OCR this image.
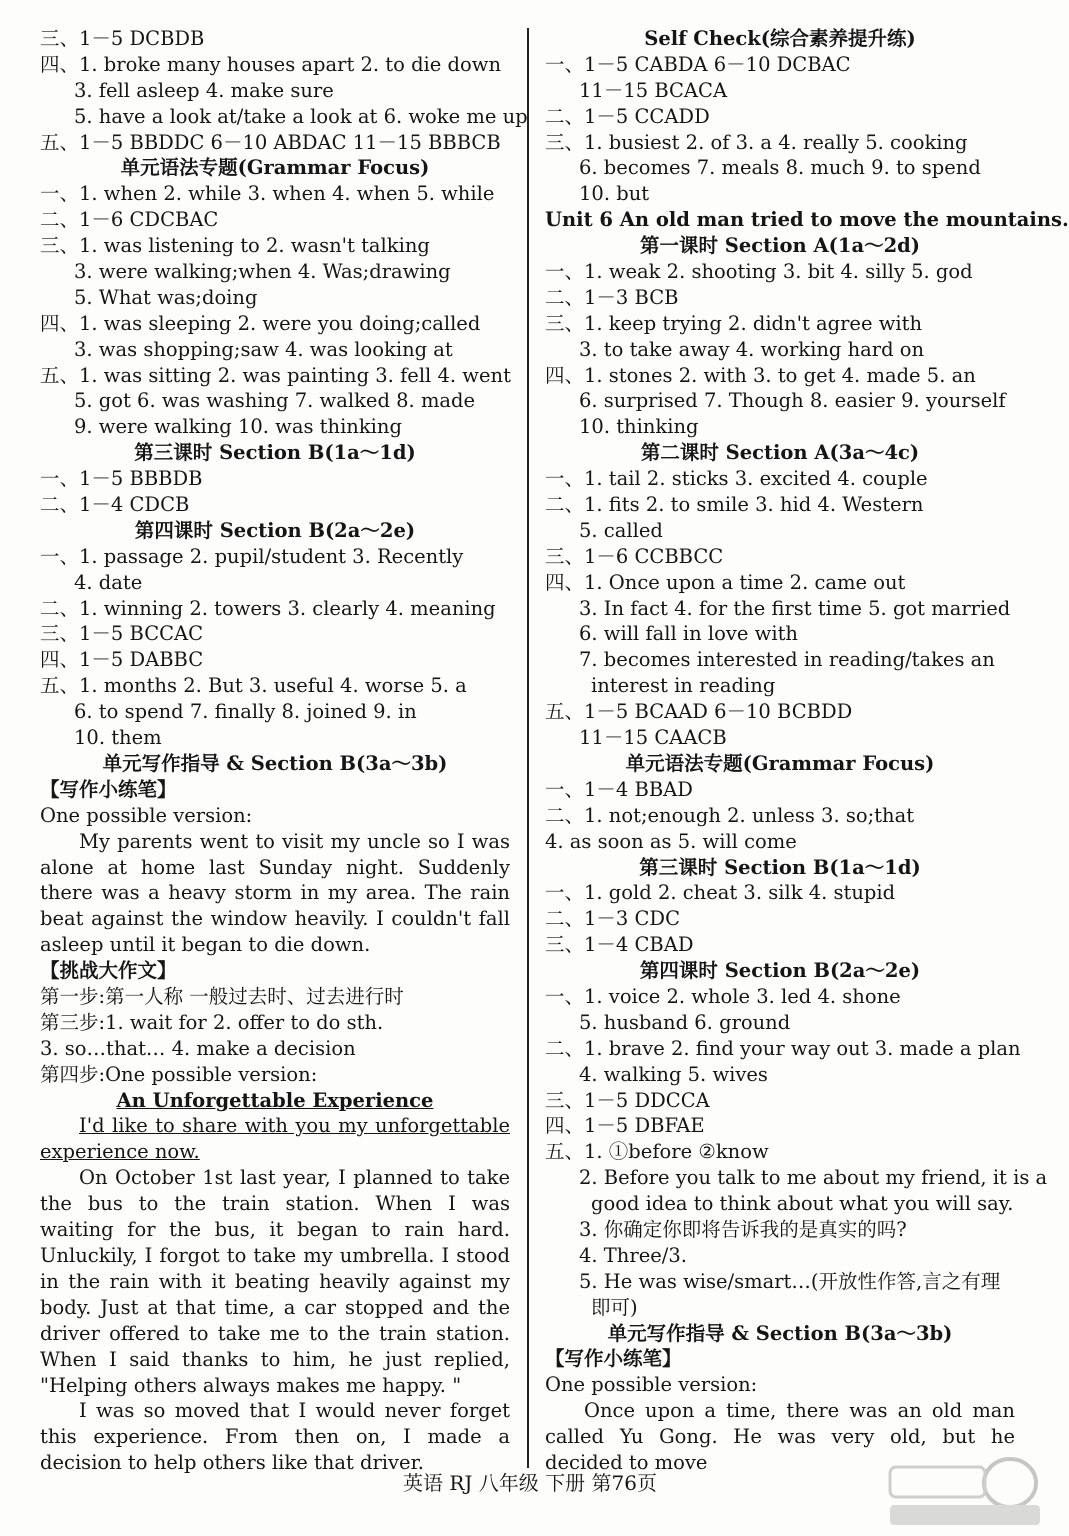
三、1－5 DCBDB
四、1. broke many houses apart 2. to die down
3. fell asleep 4. make sure
5. have a look at/take a look at 6. woke me up
五、1－5 BBDDC 6－10 ABDAC 11－15 BBBCB
单元语法专题(Grammar Focus)
一、1. when 2. while 3. when 4. when 5. while
二、1－6 CDCBAC
三、1. was listening to 2. wasn't talking
3. were walking;when 4. Was;drawing
5. What was;doing
四、1. was sleeping 2. were you doing;called
3. was shopping;saw 4. was looking at
五、1. was sitting 2. was painting 3. fell 4. went
5. got 6. was washing 7. walked 8. made
9. were walking 10. was thinking
第三课时 Section B(1a～1d)
一、1－5 BBBDB
二、1－4 CDCB
第四课时 Section B(2a～2e)
一、1. passage 2. pupil/student 3. Recently
4. date
二、1. winning 2. towers 3. clearly 4. meaning
三、1－5 BCCAC
四、1－5 DABBC
五、1. months 2. But 3. useful 4. worse 5. a
6. to spend 7. finally 8. joined 9. in
10. them
单元写作指导 & Section B(3a～3b)
【写作小练笔】
One possible version:

My parents went to visit my uncle so I was alone at home last Sunday night. Suddenly there was a heavy storm in my area. The rain beat against the window heavily. I couldn't fall asleep until it began to die down.

【挑战大作文】
第一步:第一人称 一般过去时、过去进行时
第三步:1. wait for 2. offer to do sth.
3. so…that… 4. make a decision
第四步:One possible version:
An Unforgettable Experience

I'd like to share with you my unforgettable experience now.

On October 1st last year, I planned to take the bus to the train station. When I was waiting for the bus, it began to rain hard. Unluckily, I forgot to take my umbrella. I stood in the rain with it beating heavily against my body. Just at that time, a car stopped and the driver offered to take me to the train station. When I said thanks to him, he just replied, "Helping others always makes me happy. "

I was so moved that I would never forget this experience. From then on, I made a decision to help others like that driver.

Self Check(综合素养提升练)
一、1－5 CABDA 6－10 DCBAC
11－15 BCACA
二、1－5 CCADD
三、1. busiest 2. of 3. a 4. really 5. cooking
6. becomes 7. meals 8. much 9. to spend
10. but
Unit 6 An old man tried to move the mountains.
第一课时 Section A(1a～2d)
一、1. weak 2. shooting 3. bit 4. silly 5. god
二、1－3 BCB
三、1. keep trying 2. didn't agree with
3. to take away 4. working hard on
四、1. stones 2. with 3. to get 4. made 5. an
6. surprised 7. Though 8. easier 9. yourself
10. thinking
第二课时 Section A(3a～4c)
一、1. tail 2. sticks 3. excited 4. couple
二、1. fits 2. to smile 3. hid 4. Western
5. called
三、1－6 CCBBCC
四、1. Once upon a time 2. came out
3. In fact 4. for the first time 5. got married
6. will fall in love with
7. becomes interested in reading/takes an
interest in reading
五、1－5 BCAAD 6－10 BCBDD
11－15 CAACB
单元语法专题(Grammar Focus)
一、1－4 BBAD
二、1. not;enough 2. unless 3. so;that
4. as soon as 5. will come
第三课时 Section B(1a～1d)
一、1. gold 2. cheat 3. silk 4. stupid
二、1－3 CDC
三、1－4 CBAD
第四课时 Section B(2a～2e)
一、1. voice 2. whole 3. led 4. shone
5. husband 6. ground
二、1. brave 2. find your way out 3. made a plan
4. walking 5. wives
三、1－5 DDCCA
四、1－5 DBFAE
五、1. ①before ②know
2. Before you talk to me about my friend, it is a
good idea to think about what you will say.
3. 你确定你即将告诉我的是真实的吗?
4. Three/3.
5. He was wise/smart…(开放性作答,言之有理
即可)
单元写作指导 & Section B(3a～3b)
【写作小练笔】
One possible version:

Once upon a time, there was an old man called Yu Gong. He was very old, but he decided to move

英语 RJ 八年级 下册 第76页
